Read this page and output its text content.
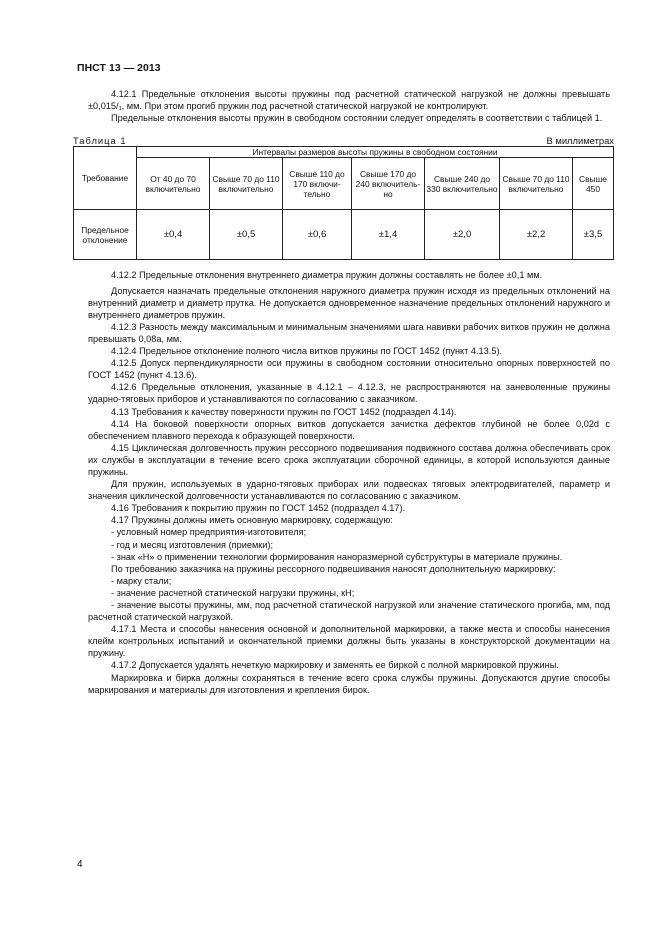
ПНСТ 13 — 2013

4.12.1 Предельные отклонения высоты пружины под расчетной статической нагрузкой не должны превышать ±0,015/₁, мм. При этом прогиб пружин под расчетной статической нагрузкой не контролируют.

Предельные отклонения высоты пружин в свободном состоянии следует определять в соответствии с таблицей 1.

Таблица 1	В миллиметрах
Требование	Интервалы размеров высоты пружины в свободном состоянии						
	От 40 до 70 включительно	Свыше 70 до 110 включительно	Свыше 110 до 170 включительно	Свыше 170 до 240 включительно	Свыше 240 до 330 включительно	Свыше 70 до 110 включительно	Свыше 450
Предельное отклонение	±0,4	±0,5	±0,6	±1,4	±2,0	±2,2	±3,5

4.12.2 Предельные отклонения внутреннего диаметра пружин должны составлять не более ±0,1 мм.

Допускается назначать предельные отклонения наружного диаметра пружин исходя из предельных отклонений на внутренний диаметр и диаметр прутка. Не допускается одновременное назначение предельных отклонений наружного и внутреннего диаметров пружин.

4.12.3 Разность между максимальным и минимальным значениями шага навивки рабочих витков пружин не должна превышать 0,08a, мм.

4.12.4 Предельное отклонение полного числа витков пружины по ГОСТ 1452 (пункт 4.13.5).

4.12.5 Допуск перпендикулярности оси пружины в свободном состоянии относительно опорных поверхностей по ГОСТ 1452 (пункт 4.13.6).

4.12.6 Предельные отклонения, указанные в 4.12.1 – 4.12.3, не распространяются на заневоленные пружины ударно-тяговых приборов и устанавливаются по согласованию с заказчиком.

4.13 Требования к качеству поверхности пружин по ГОСТ 1452 (подраздел 4.14).

4.14 На боковой поверхности опорных витков допускается зачистка дефектов глубиной не более 0,02d с обеспечением плавного перехода к образующей поверхности.

4.15 Циклическая долговечность пружин рессорного подвешивания подвижного состава должна обеспечивать срок их службы в эксплуатации в течение всего срока эксплуатации сборочной единицы, в которой используются данные пружины.

Для пружин, используемых в ударно-тяговых приборах или подвесках тяговых электродвигателей, параметр и значения циклической долговечности устанавливаются по согласованию с заказчиком.

4.16 Требования к покрытию пружин по ГОСТ 1452 (подраздел 4.17).

4.17 Пружины должны иметь основную маркировку, содержащую:

- условный номер предприятия-изготовителя;

- год и месяц изготовления (приемки);

- знак «Н» о применении технологии формирования наноразмерной субструктуры в материале пружины.

По требованию заказчика на пружины рессорного подвешивания наносят дополнительную маркировку:

- марку стали;

- значение расчетной статической нагрузки пружины, кН;

- значение высоты пружины, мм, под расчетной статической нагрузкой или значение статического прогиба, мм, под расчетной статической нагрузкой.

4.17.1 Места и способы нанесения основной и дополнительной маркировки, а также места и способы нанесения клейм контрольных испытаний и окончательной приемки должны быть указаны в конструкторской документации на пружину.

4.17.2 Допускается удалять нечеткую маркировку и заменять ее биркой с полной маркировкой пружины.

Маркировка и бирка должны сохраняться в течение всего срока службы пружины. Допускаются другие способы маркирования и материалы для изготовления и крепления бирок.

4
